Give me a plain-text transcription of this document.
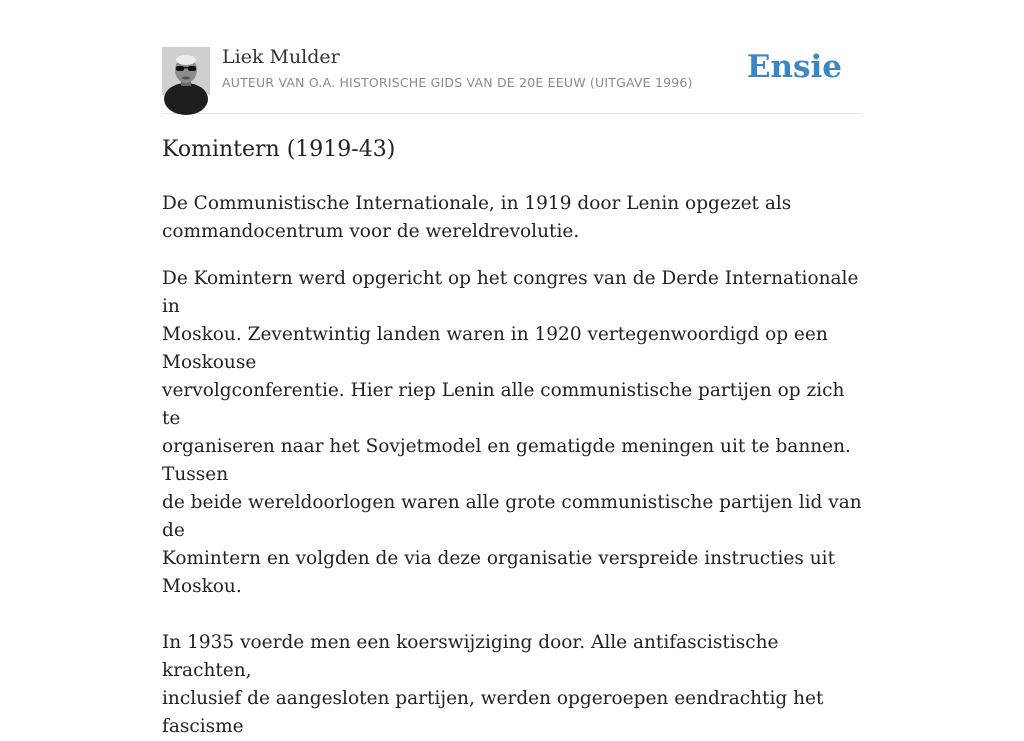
Liek Mulder
AUTEUR VAN O.A. HISTORISCHE GIDS VAN DE 20E EEUW (UITGAVE 1996) Ensie
Komintern (1919-43)

De Communistische Internationale, in 1919 door Lenin opgezet als commandocentrum voor de wereldrevolutie.

De Komintern werd opgericht op het congres van de Derde Internationale in
Moskou. Zeventwintig landen waren in 1920 vertegenwoordigd op een Moskouse
vervolgconferentie. Hier riep Lenin alle communistische partijen op zich te
organiseren naar het Sovjetmodel en gematigde meningen uit te bannen. Tussen
de beide wereldoorlogen waren alle grote communistische partijen lid van de
Komintern en volgden de via deze organisatie verspreide instructies uit Moskou.

In 1935 voerde men een koerswijziging door. Alle antifascistische krachten,
inclusief de aangesloten partijen, werden opgeroepen eendrachtig het fascisme
